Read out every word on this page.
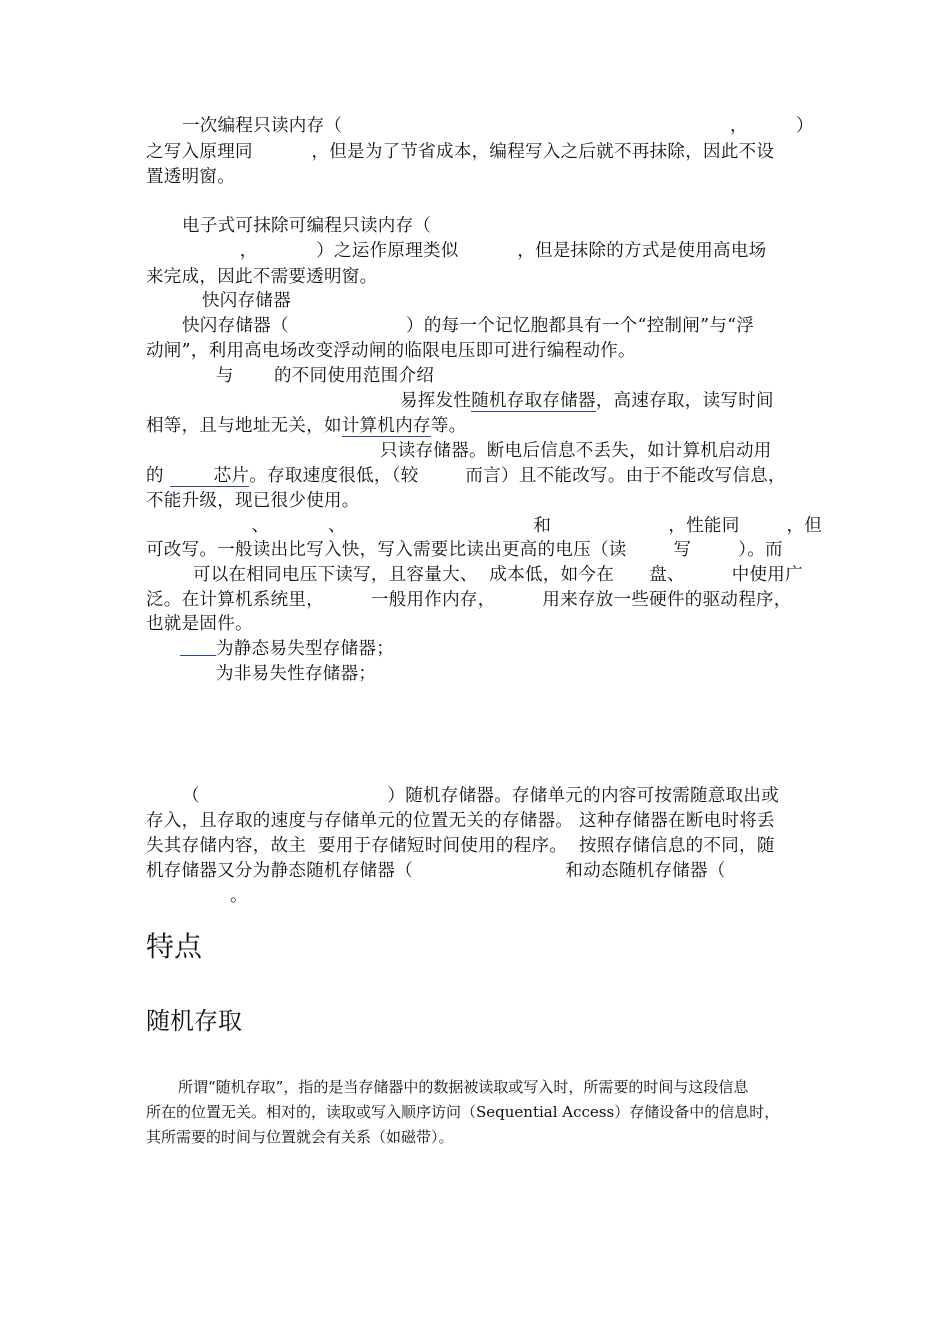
一次编程只读内存（	，	）
之写入原理同          ，但是为了节省成本，编程写入之后就不再抹除，因此不设
置透明窗。
电子式可抹除可编程只读内存（
，          ）之运作原理类似          ，但是抹除的方式是使用高电场
来完成，因此不需要透明窗。
快闪存储器
快闪存储器（                    ）的每一个记忆胞都具有一个“控制闸”与“浮
动闸”，利用高电场改变浮动闸的临限电压即可进行编程动作。
与 的不同使用范围介绍
易挥发性随机存取存储器，高速存取，读写时间
相等，且与地址无关，如计算机内存等。
只读存储器。断电后信息不丢失，如计算机启动用
的	芯片。存取速度很低，（较        而言）且不能改写。由于不能改写信息，
不能升级，现已很少使用。
、          、                                和                    ，性能同        ，但
可改写。一般读出比写入快，写入需要比读出更高的电压（读        写        ）。而
可以在相同电压下读写，且容量大、  成本低，如今在      盘、        中使用广
泛。在计算机系统里，        一般用作内存，        用来存放一些硬件的驱动程序，
也就是固件。
为静态易失型存储器；
为非易失性存储器；
（                                ）随机存储器。存储单元的内容可按需随意取出或
存入，且存取的速度与存储单元的位置无关的存储器。 这种存储器在断电时将丢
失其存储内容，故主  要用于存储短时间使用的程序。  按照存储信息的不同，随
机存储器又分为静态随机存储器（                          和动态随机存储器（
。
特点
随机存取
所谓“随机存取”，指的是当存储器中的数据被读取或写入时，所需要的时间与这段信息
所在的位置无关。相对的，读取或写入顺序访问（Sequential Access）存储设备中的信息时，
其所需要的时间与位置就会有关系（如磁带）。
